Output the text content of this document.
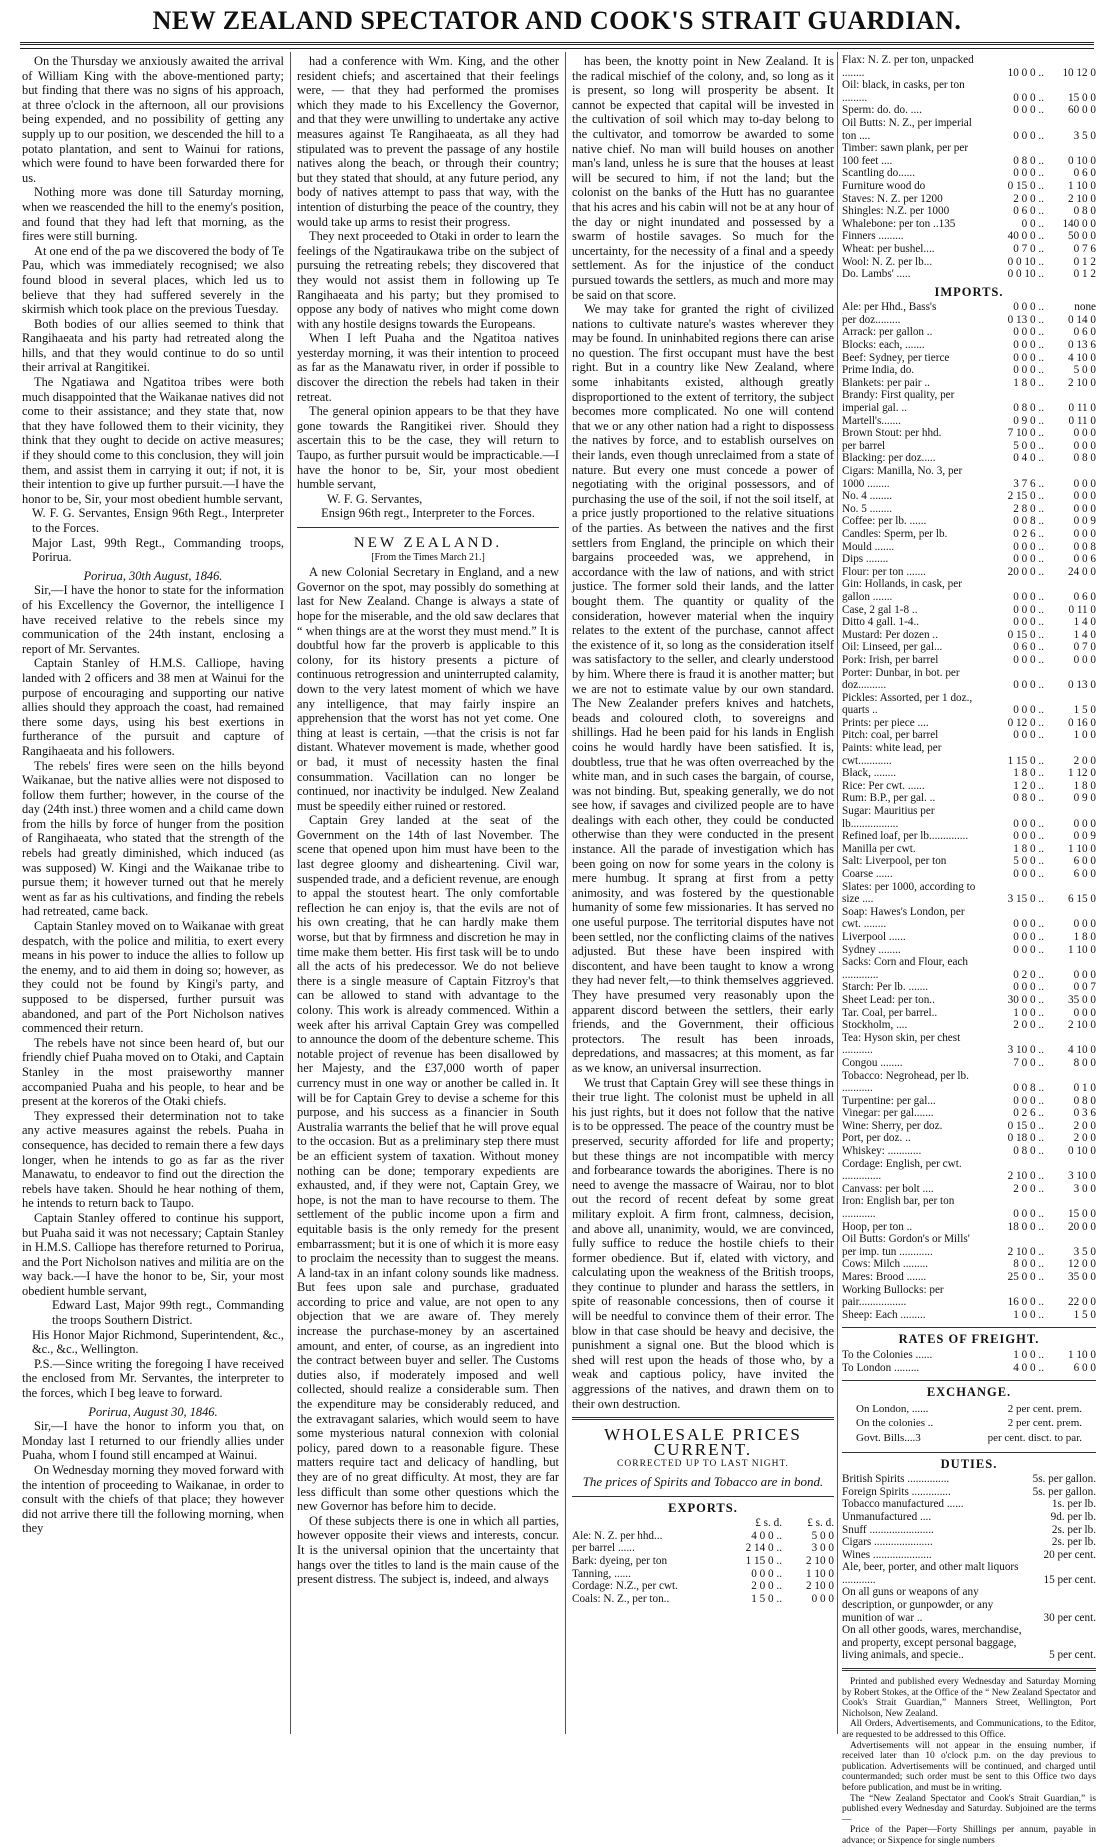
NEW ZEALAND SPECTATOR AND COOK'S STRAIT GUARDIAN.

On the Thursday we anxiously awaited the arrival of William King with the above-mentioned party; but finding that there was no signs of his approach, at three o'clock in the afternoon, all our provisions being expended, and no possibility of getting any supply up to our position, we descended the hill to a potato plantation, and sent to Wainui for rations, which were found to have been forwarded there for us.

Nothing more was done till Saturday morning, when we reascended the hill to the enemy's position, and found that they had left that morning, as the fires were still burning.

At one end of the pa we discovered the body of Te Pau, which was immediately recognised; we also found blood in several places, which led us to believe that they had suffered severely in the skirmish which took place on the previous Tuesday.

Both bodies of our allies seemed to think that Rangihaeata and his party had retreated along the hills, and that they would continue to do so until their arrival at Rangitikei.

The Ngatiawa and Ngatitoa tribes were both much disappointed that the Waikanae natives did not come to their assistance; and they state that, now that they have followed them to their vicinity, they think that they ought to decide on active measures; if they should come to this conclusion, they will join them, and assist them in carrying it out; if not, it is their intention to give up further pursuit.—I have the honor to be, Sir, your most obedient humble servant,

W. F. G. Servantes, Ensign 96th Regt., Interpreter to the Forces.

Major Last, 99th Regt., Commanding troops, Porirua.

Porirua, 30th August, 1846.

Sir,—I have the honor to state for the information of his Excellency the Governor, the intelligence I have received relative to the rebels since my communication of the 24th instant, enclosing a report of Mr. Servantes.

Captain Stanley of H.M.S. Calliope, having landed with 2 officers and 38 men at Wainui for the purpose of encouraging and supporting our native allies should they approach the coast, had remained there some days, using his best exertions in furtherance of the pursuit and capture of Rangihaeata and his followers.

The rebels' fires were seen on the hills beyond Waikanae, but the native allies were not disposed to follow them further; however, in the course of the day (24th inst.) three women and a child came down from the hills by force of hunger from the position of Rangihaeata, who stated that the strength of the rebels had greatly diminished, which induced (as was supposed) W. Kingi and the Waikanae tribe to pursue them; it however turned out that he merely went as far as his cultivations, and finding the rebels had retreated, came back.

Captain Stanley moved on to Waikanae with great despatch, with the police and militia, to exert every means in his power to induce the allies to follow up the enemy, and to aid them in doing so; however, as they could not be found by Kingi's party, and supposed to be dispersed, further pursuit was abandoned, and part of the Port Nicholson natives commenced their return.

The rebels have not since been heard of, but our friendly chief Puaha moved on to Otaki, and Captain Stanley in the most praiseworthy manner accompanied Puaha and his people, to hear and be present at the koreros of the Otaki chiefs.

They expressed their determination not to take any active measures against the rebels. Puaha in consequence, has decided to remain there a few days longer, when he intends to go as far as the river Manawatu, to endeavor to find out the direction the rebels have taken. Should he hear nothing of them, he intends to return back to Taupo.

Captain Stanley offered to continue his support, but Puaha said it was not necessary; Captain Stanley in H.M.S. Calliope has therefore returned to Porirua, and the Port Nicholson natives and militia are on the way back.—I have the honor to be, Sir, your most obedient humble servant,

Edward Last, Major 99th regt., Commanding the troops Southern District.

His Honor Major Richmond, Superintendent, &c., &c., &c., Wellington.

P.S.—Since writing the foregoing I have received the enclosed from Mr. Servantes, the interpreter to the forces, which I beg leave to forward.

Porirua, August 30, 1846.

Sir,—I have the honor to inform you that, on Monday last I returned to our friendly allies under Puaha, whom I found still encamped at Wainui.

On Wednesday morning they moved forward with the intention of proceeding to Waikanae, in order to consult with the chiefs of that place; they however did not arrive there till the following morning, when they

had a conference with Wm. King, and the other resident chiefs; and ascertained that their feelings were, — that they had performed the promises which they made to his Excellency the Governor, and that they were unwilling to undertake any active measures against Te Rangihaeata, as all they had stipulated was to prevent the passage of any hostile natives along the beach, or through their country; but they stated that should, at any future period, any body of natives attempt to pass that way, with the intention of disturbing the peace of the country, they would take up arms to resist their progress.

They next proceeded to Otaki in order to learn the feelings of the Ngatiraukawa tribe on the subject of pursuing the retreating rebels; they discovered that they would not assist them in following up Te Rangihaeata and his party; but they promised to oppose any body of natives who might come down with any hostile designs towards the Europeans.

When I left Puaha and the Ngatitoa natives yesterday morning, it was their intention to proceed as far as the Manawatu river, in order if possible to discover the direction the rebels had taken in their retreat.

The general opinion appears to be that they have gone towards the Rangitikei river. Should they ascertain this to be the case, they will return to Taupo, as further pursuit would be impracticable.—I have the honor to be, Sir, your most obedient humble servant,

W. F. G. Servantes,

Ensign 96th regt., Interpreter to the Forces.

NEW ZEALAND.

[From the Times March 21.]

A new Colonial Secretary in England, and a new Governor on the spot, may possibly do something at last for New Zealand. Change is always a state of hope for the miserable, and the old saw declares that “ when things are at the worst they must mend.” It is doubtful how far the proverb is applicable to this colony, for its history presents a picture of continuous retrogression and uninterrupted calamity, down to the very latest moment of which we have any intelligence, that may fairly inspire an apprehension that the worst has not yet come. One thing at least is certain, —that the crisis is not far distant. Whatever movement is made, whether good or bad, it must of necessity hasten the final consummation. Vacillation can no longer be continued, nor inactivity be indulged. New Zealand must be speedily either ruined or restored.

Captain Grey landed at the seat of the Government on the 14th of last November. The scene that opened upon him must have been to the last degree gloomy and disheartening. Civil war, suspended trade, and a deficient revenue, are enough to appal the stoutest heart. The only comfortable reflection he can enjoy is, that the evils are not of his own creating, that he can hardly make them worse, but that by firmness and discretion he may in time make them better. His first task will be to undo all the acts of his predecessor. We do not believe there is a single measure of Captain Fitzroy's that can be allowed to stand with advantage to the colony. This work is already commenced. Within a week after his arrival Captain Grey was compelled to announce the doom of the debenture scheme. This notable project of revenue has been disallowed by her Majesty, and the £37,000 worth of paper currency must in one way or another be called in. It will be for Captain Grey to devise a scheme for this purpose, and his success as a financier in South Australia warrants the belief that he will prove equal to the occasion. But as a preliminary step there must be an efficient system of taxation. Without money nothing can be done; temporary expedients are exhausted, and, if they were not, Captain Grey, we hope, is not the man to have recourse to them. The settlement of the public income upon a firm and equitable basis is the only remedy for the present embarrassment; but it is one of which it is more easy to proclaim the necessity than to suggest the means. A land-tax in an infant colony sounds like madness. But fees upon sale and purchase, graduated according to price and value, are not open to any objection that we are aware of. They merely increase the purchase-money by an ascertained amount, and enter, of course, as an ingredient into the contract between buyer and seller. The Customs duties also, if moderately imposed and well collected, should realize a considerable sum. Then the expenditure may be considerably reduced, and the extravagant salaries, which would seem to have some mysterious natural connexion with colonial policy, pared down to a reasonable figure. These matters require tact and delicacy of handling, but they are of no great difficulty. At most, they are far less difficult than some other questions which the new Governor has before him to decide.

Of these subjects there is one in which all parties, however opposite their views and interests, concur. It is the universal opinion that the uncertainty that hangs over the titles to land is the main cause of the present distress. The subject is, indeed, and always

has been, the knotty point in New Zealand. It is the radical mischief of the colony, and, so long as it is present, so long will prosperity be absent. It cannot be expected that capital will be invested in the cultivation of soil which may to-day belong to the cultivator, and tomorrow be awarded to some native chief. No man will build houses on another man's land, unless he is sure that the houses at least will be secured to him, if not the land; but the colonist on the banks of the Hutt has no guarantee that his acres and his cabin will not be at any hour of the day or night inundated and possessed by a swarm of hostile savages. So much for the uncertainty, for the necessity of a final and a speedy settlement. As for the injustice of the conduct pursued towards the settlers, as much and more may be said on that score.

We may take for granted the right of civilized nations to cultivate nature's wastes wherever they may be found. In uninhabited regions there can arise no question. The first occupant must have the best right. But in a country like New Zealand, where some inhabitants existed, although greatly disproportioned to the extent of territory, the subject becomes more complicated. No one will contend that we or any other nation had a right to dispossess the natives by force, and to establish ourselves on their lands, even though unreclaimed from a state of nature. But every one must concede a power of negotiating with the original possessors, and of purchasing the use of the soil, if not the soil itself, at a price justly proportioned to the relative situations of the parties. As between the natives and the first settlers from England, the principle on which their bargains proceeded was, we apprehend, in accordance with the law of nations, and with strict justice. The former sold their lands, and the latter bought them. The quantity or quality of the consideration, however material when the inquiry relates to the extent of the purchase, cannot affect the existence of it, so long as the consideration itself was satisfactory to the seller, and clearly understood by him. Where there is fraud it is another matter; but we are not to estimate value by our own standard. The New Zealander prefers knives and hatchets, beads and coloured cloth, to sovereigns and shillings. Had he been paid for his lands in English coins he would hardly have been satisfied. It is, doubtless, true that he was often overreached by the white man, and in such cases the bargain, of course, was not binding. But, speaking generally, we do not see how, if savages and civilized people are to have dealings with each other, they could be conducted otherwise than they were conducted in the present instance. All the parade of investigation which has been going on now for some years in the colony is mere humbug. It sprang at first from a petty animosity, and was fostered by the questionable humanity of some few missionaries. It has served no one useful purpose. The territorial disputes have not been settled, nor the conflicting claims of the natives adjusted. But these have been inspired with discontent, and have been taught to know a wrong they had never felt,—to think themselves aggrieved. They have presumed very reasonably upon the apparent discord between the settlers, their early friends, and the Government, their officious protectors. The result has been inroads, depredations, and massacres; at this moment, as far as we know, an universal insurrection.

We trust that Captain Grey will see these things in their true light. The colonist must be upheld in all his just rights, but it does not follow that the native is to be oppressed. The peace of the country must be preserved, security afforded for life and property; but these things are not incompatible with mercy and forbearance towards the aborigines. There is no need to avenge the massacre of Wairau, nor to blot out the record of recent defeat by some great military exploit. A firm front, calmness, decision, and above all, unanimity, would, we are convinced, fully suffice to reduce the hostile chiefs to their former obedience. But if, elated with victory, and calculating upon the weakness of the British troops, they continue to plunder and harass the settlers, in spite of reasonable concessions, then of course it will be needful to convince them of their error. The blow in that case should be heavy and decisive, the punishment a signal one. But the blood which is shed will rest upon the heads of those who, by a weak and captious policy, have invited the aggressions of the natives, and drawn them on to their own destruction.

WHOLESALE PRICES CURRENT.

CORRECTED UP TO LAST NIGHT.

The prices of Spirits and Tobacco are in bond.

EXPORTS.
	£ s. d.	£ s. d.
Ale: N. Z. per hhd...	4 0 0 ..	5 0 0
per barrel ......	2 14 0 ..	3 0 0
Bark: dyeing, per ton	1 15 0 ..	2 10 0
Tanning, ......	0 0 0 ..	1 10 0
Cordage: N.Z., per cwt.	2 0 0 ..	2 10 0
Coals: N. Z., per ton..	1 5 0 ..	0 0 0
Flax: N. Z. per ton, unpacked ........	10 0 0 ..	10 12 0
Oil: black, in casks, per ton .........	0 0 0 ..	15 0 0
Sperm: do. do. ....	0 0 0 ..	60 0 0
Oil Butts: N. Z., per imperial ton ....	0 0 0 ..	3 5 0
Timber: sawn plank, per per 100 feet ....	0 8 0 ..	0 10 0
Scantling do......	0 0 0 ..	0 6 0
Furniture wood do	0 15 0 ..	1 10 0
Staves: N. Z. per 1200	2 0 0 ..	2 10 0
Shingles: N.Z. per 1000	0 6 0 ..	0 8 0
Whalebone: per ton ..135	0 0 ..	140 0 0
Finners .........	40 0 0 ..	50 0 0
Wheat: per bushel....	0 7 0 ..	0 7 6
Wool: N. Z. per lb...	0 0 10 ..	0 1 2
Do. Lambs' .....	0 0 10 ..	0 1 2
IMPORTS.
Ale: per Hhd., Bass's	0 0 0 ..	none
per doz.........	0 13 0 ..	0 14 0
Arrack: per gallon ..	0 0 0 ..	0 6 0
Blocks: each, .......	0 0 0 ..	0 13 6
Beef: Sydney, per tierce	0 0 0 ..	4 10 0
Prime India, do.	0 0 0 ..	5 0 0
Blankets: per pair ..	1 8 0 ..	2 10 0
Brandy: First quality, per imperial gal. ..	0 8 0 ..	0 11 0
Martell's.......	0 9 0 ..	0 11 0
Brown Stout: per hhd.	7 10 0 ..	0 0 0
per barrel	5 0 0 ..	0 0 0
Blacking: per doz.....	0 4 0 ..	0 8 0
Cigars: Manilla, No. 3, per 1000 ........	3 7 6 ..	0 0 0
No. 4 ........	2 15 0 ..	0 0 0
No. 5 ........	2 8 0 ..	0 0 0
Coffee: per lb. ......	0 0 8 ..	0 0 9
Candles: Sperm, per lb.	0 2 6 ..	0 0 0
Mould .......	0 0 0 ..	0 0 8
Dips ........	0 0 0 ..	0 0 6
Flour: per ton .......	20 0 0 ..	24 0 0
Gin: Hollands, in cask, per gallon .......	0 0 0 ..	0 6 0
Case, 2 gal 1-8 ..	0 0 0 ..	0 11 0
Ditto 4 gall. 1-4..	0 0 0 ..	1 4 0
Mustard: Per dozen ..	0 15 0 ..	1 4 0
Oil: Linseed, per gal...	0 6 0 ..	0 7 0
Pork: Irish, per barrel	0 0 0 ..	0 0 0
Porter: Dunbar, in bot. per doz..........	0 0 0 ..	0 13 0
Pickles: Assorted, per 1 doz., quarts ..	0 0 0 ..	1 5 0
Prints: per piece ....	0 12 0 ..	0 16 0
Pitch: coal, per barrel	0 0 0 ..	1 0 0
Paints: white lead, per cwt............	1 15 0 ..	2 0 0
Black, ........	1 8 0 ..	1 12 0
Rice: Per cwt. ......	1 2 0 ..	1 8 0
Rum: B.P., per gal. ..	0 8 0 ..	0 9 0
Sugar: Mauritius per lb.................	0 0 0 ..	0 0 0
Refined loaf, per lb..............	0 0 0 ..	0 0 9
Manilla per cwt.	1 8 0 ..	1 10 0
Salt: Liverpool, per ton	5 0 0 ..	6 0 0
Coarse ......	0 0 0 ..	6 0 0
Slates: per 1000, according to size ....	3 15 0 ..	6 15 0
Soap: Hawes's London, per cwt. ........	0 0 0 ..	0 0 0
Liverpool ......	0 0 0 ..	1 8 0
Sydney ........	0 0 0 ..	1 10 0
Sacks: Corn and Flour, each .............	0 2 0 ..	0 0 0
Starch: Per lb. .......	0 0 0 ..	0 0 7
Sheet Lead: per ton..	30 0 0 ..	35 0 0
Tar. Coal, per barrel..	1 0 0 ..	0 0 0
Stockholm, ....	2 0 0 ..	2 10 0
Tea: Hyson skin, per chest ...........	3 10 0 ..	4 10 0
Congou ........	7 0 0 ..	8 0 0
Tobacco: Negrohead, per lb. ...........	0 0 8 ..	0 1 0
Turpentine: per gal...	0 0 0 ..	0 8 0
Vinegar: per gal.......	0 2 6 ..	0 3 6
Wine: Sherry, per doz.	0 15 0 ..	2 0 0
Port, per doz. ..	0 18 0 ..	2 0 0
Whiskey: ............	0 8 0 ..	0 10 0
Cordage: English, per cwt. ..............	2 10 0 ..	3 10 0
Canvass: per bolt ....	2 0 0 ..	3 0 0
Iron: English bar, per ton ............	0 0 0 ..	15 0 0
Hoop, per ton ..	18 0 0 ..	20 0 0
Oil Butts: Gordon's or Mills' per imp. tun ............	2 10 0 ..	3 5 0
Cows: Milch .........	8 0 0 ..	12 0 0
Mares: Brood .......	25 0 0 ..	35 0 0
Working Bullocks: per pair.................	16 0 0 ..	22 0 0
Sheep: Each .........	1 0 0 ..	1 5 0
RATES OF FREIGHT.
To the Colonies ......	1 0 0 ..	1 10 0
To London .........	4 0 0 ..	6 0 0
EXCHANGE.
On London, ......	2 per cent. prem.
On the colonies ..	2 per cent. prem.
Govt. Bills....3	per cent. disct. to par.
DUTIES.
British Spirits ...............	5s. per gallon.
Foreign Spirits ..............	5s. per gallon.
Tobacco manufactured ......	1s. per lb.
Unmanufactured ....	9d. per lb.
Snuff .......................	2s. per lb.
Cigars .....................	2s. per lb.
Wines .....................	20 per cent.
Ale, beer, porter, and other malt liquors ............	15 per cent.
On all guns or weapons of any description, or gunpowder, or any munition of war ..	30 per cent.
On all other goods, wares, merchandise, and property, except personal baggage, living animals, and specie..	5 per cent.

Printed and published every Wednesday and Saturday Morning by Robert Stokes, at the Office of the “ New Zealand Spectator and Cook's Strait Guardian,” Manners Street, Wellington, Port Nicholson, New Zealand.

All Orders, Advertisements, and Communications, to the Editor, are requested to be addressed to this Office.

Advertisements will not appear in the ensuing number, if received later than 10 o'clock p.m. on the day previous to publication. Advertisements will be continued, and charged until countermanded; such order must be sent to this Office two days before publication, and must be in writing.

The “New Zealand Spectator and Cook's Strait Guardian,” is published every Wednesday and Saturday. Subjoined are the terms —

Price of the Paper—Forty Shillings per annum, payable in advance; or Sixpence for single numbers
